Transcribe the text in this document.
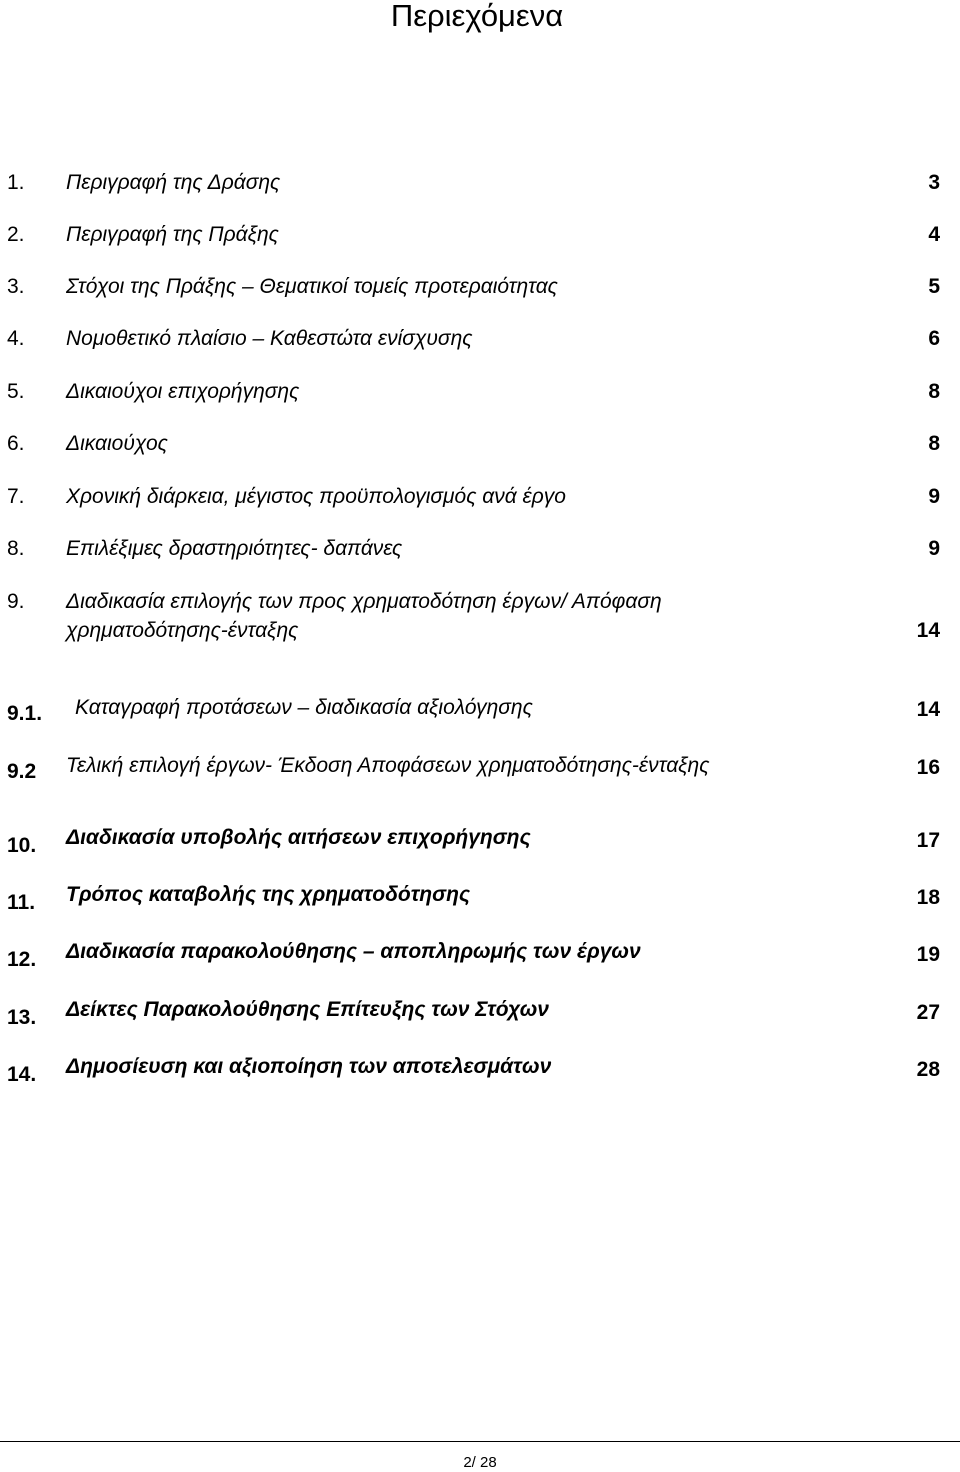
Περιεχόμενα
1. Περιγραφή της Δράσης	3
2. Περιγραφή της Πράξης	4
3. Στόχοι της Πράξης – Θεματικοί τομείς προτεραιότητας	5
4. Νομοθετικό πλαίσιο – Καθεστώτα ενίσχυσης	6
5. Δικαιούχοι επιχορήγησης	8
6. Δικαιούχος	8
7. Χρονική διάρκεια, μέγιστος προϋπολογισμός ανά έργο	9
8. Επιλέξιμες δραστηριότητες- δαπάνες	9
9. Διαδικασία επιλογής των προς χρηματοδότηση έργων/ Απόφαση
χρηματοδότησης-ένταξης	14
9.1. Καταγραφή προτάσεων – διαδικασία αξιολόγησης	14
9.2 Τελική επιλογή έργων- Έκδοση Αποφάσεων χρηματοδότησης-ένταξης	16
10. Διαδικασία υποβολής αιτήσεων επιχορήγησης	17
11. Τρόπος καταβολής της χρηματοδότησης	18
12. Διαδικασία παρακολούθησης – αποπληρωμής των έργων	19
13. Δείκτες Παρακολούθησης Επίτευξης των Στόχων	27
14. Δημοσίευση και αξιοποίηση των αποτελεσμάτων	28
2/ 28
